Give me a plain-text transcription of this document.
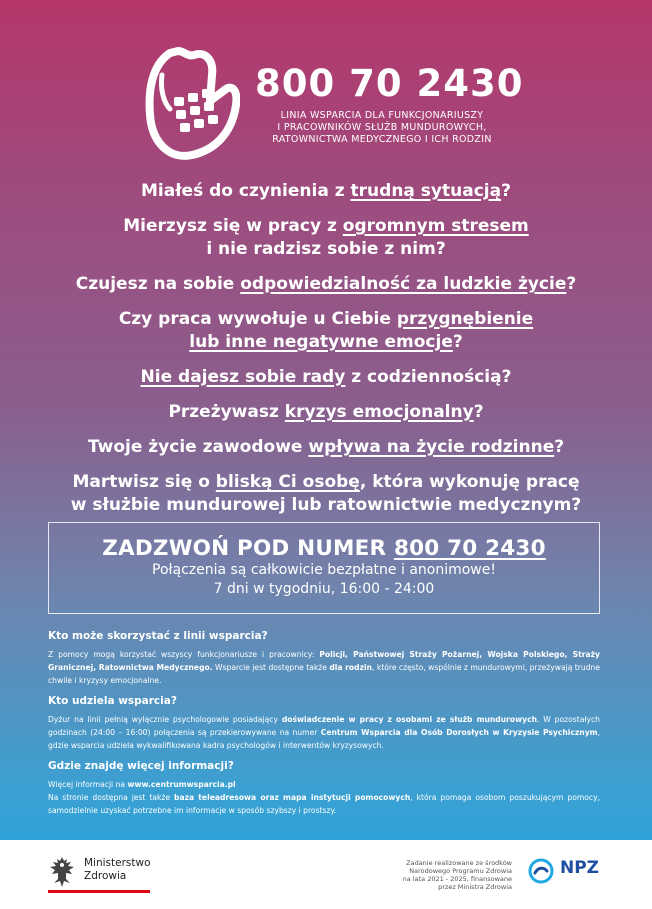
800 70 2430
LINIA WSPARCIA DLA FUNKCJONARIUSZY
I PRACOWNIKÓW SŁUŻB MUNDUROWYCH,
RATOWNICTWA MEDYCZNEGO I ICH RODZIN

Miałeś do czynienia z trudną sytuacją?

Mierzysz się w pracy z ogromnym stresem

i nie radzisz sobie z nim?

Czujesz na sobie odpowiedzialność za ludzkie życie?

Czy praca wywołuje u Ciebie przygnębienie

lub inne negatywne emocje?

Nie dajesz sobie rady z codziennością?

Przeżywasz kryzys emocjonalny?

Twoje życie zawodowe wpływa na życie rodzinne?

Martwisz się o bliską Ci osobę, która wykonuję pracę

w służbie mundurowej lub ratownictwie medycznym?

ZADZWOŃ POD NUMER 800 70 2430
Połączenia są całkowicie bezpłatne i anonimowe!
7 dni w tygodniu, 16:00 - 24:00

Kto może skorzystać z linii wsparcia?

Z pomocy mogą korzystać wszyscy funkcjonariusze i pracownicy: Policji, Państwowej Straży Pożarnej, Wojska Polskiego, Straży Granicznej, Ratownictwa Medycznego. Wsparcie jest dostępne także dla rodzin, które często, wspólnie z mundurowymi, przeżywają trudne chwile i kryzysy emocjonalne.

Kto udziela wsparcia?

Dyżur na linii pełnią wyłącznie psychologowie posiadający doświadczenie w pracy z osobami ze służb mundurowych. W pozostałych godzinach (24:00 – 16:00) połączenia są przekierowywane na numer Centrum Wsparcia dla Osób Dorosłych w Kryzysie Psychicznym, gdzie wsparcia udziela wykwalifikowana kadra psychologów i interwentów kryzysowych.

Gdzie znajdę więcej informacji?

Więcej informacji na www.centrumwsparcia.pl
Na stronie dostępna jest także baza teleadresowa oraz mapa instytucji pomocowych, która pomaga osobom poszukującym pomocy, samodzielnie uzyskać potrzebne im informacje w sposób szybszy i prostszy.

Ministerstwo
Zdrowia
Zadanie realizowane ze środków
Narodowego Programu Zdrowia
na lata 2021 - 2025, finansowane
przez Ministra Zdrowia
NPZ
